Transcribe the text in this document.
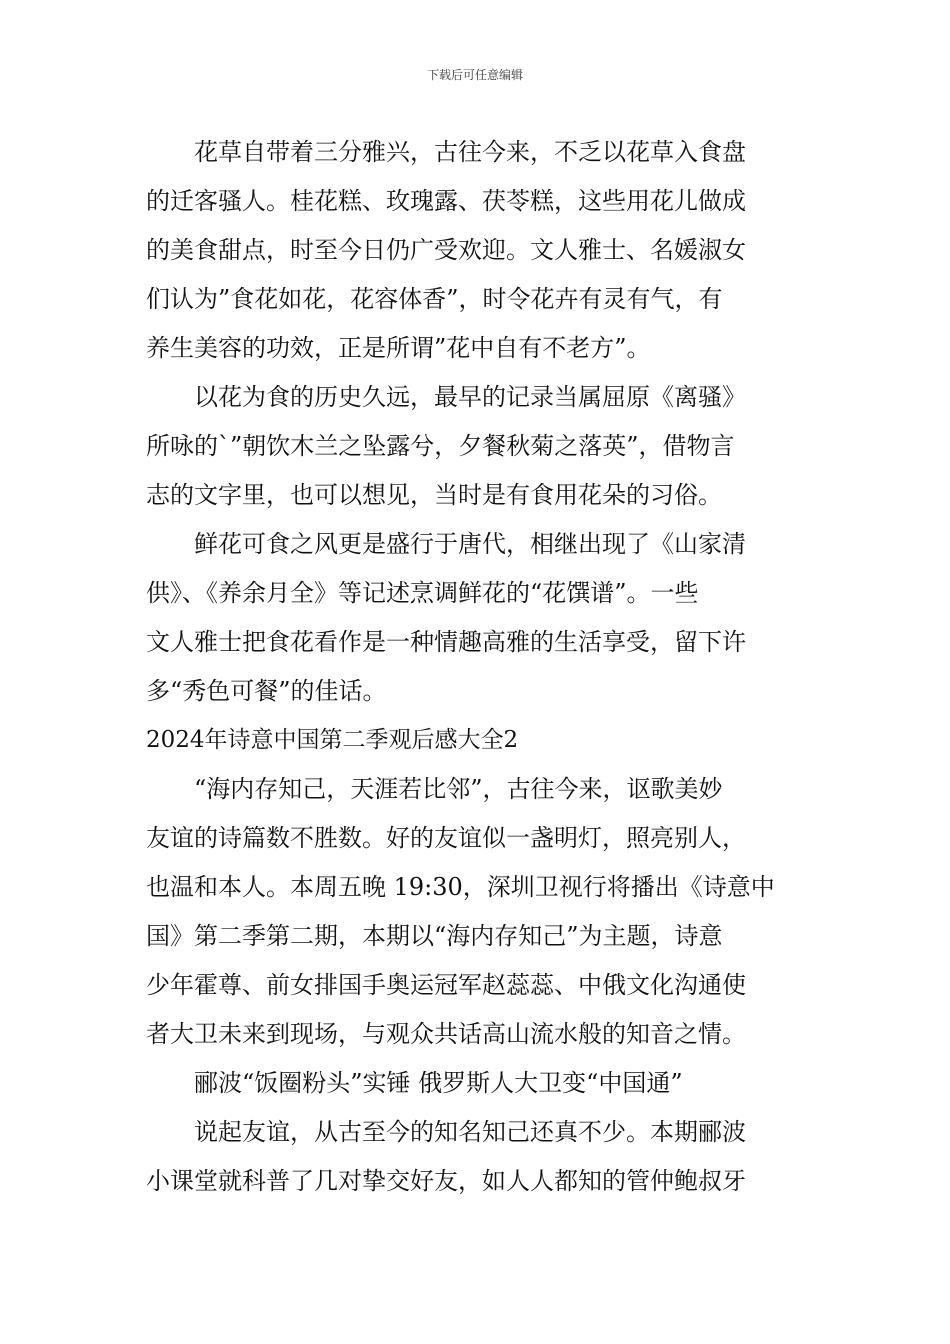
下载后可任意编辑
花草自带着三分雅兴，古往今来，不乏以花草入食盘
的迁客骚人。桂花糕、玫瑰露、茯苓糕，这些用花儿做成
的美食甜点，时至今日仍广受欢迎。文人雅士、名媛淑女
们认为”食花如花，花容体香”，时令花卉有灵有气，有
养生美容的功效，正是所谓”花中自有不老方”。
以花为食的历史久远，最早的记录当属屈原《离骚》
所咏的`”朝饮木兰之坠露兮，夕餐秋菊之落英”，借物言
志的文字里，也可以想见，当时是有食用花朵的习俗。
鲜花可食之风更是盛行于唐代，相继出现了《山家清
供》、《养余月全》等记述烹调鲜花的“花馔谱”。一些
文人雅士把食花看作是一种情趣高雅的生活享受，留下许
多“秀色可餐”的佳话。
2024年诗意中国第二季观后感大全2
“海内存知己，天涯若比邻”，古往今来，讴歌美妙
友谊的诗篇数不胜数。好的友谊似一盏明灯，照亮别人，
也温和本人。本周五晚 19:30，深圳卫视行将播出《诗意中
国》第二季第二期，本期以“海内存知己”为主题，诗意
少年霍尊、前女排国手奥运冠军赵蕊蕊、中俄文化沟通使
者大卫未来到现场，与观众共话高山流水般的知音之情。
郦波“饭圈粉头”实锤 俄罗斯人大卫变“中国通”
说起友谊，从古至今的知名知己还真不少。本期郦波
小课堂就科普了几对挚交好友，如人人都知的管仲鲍叔牙
